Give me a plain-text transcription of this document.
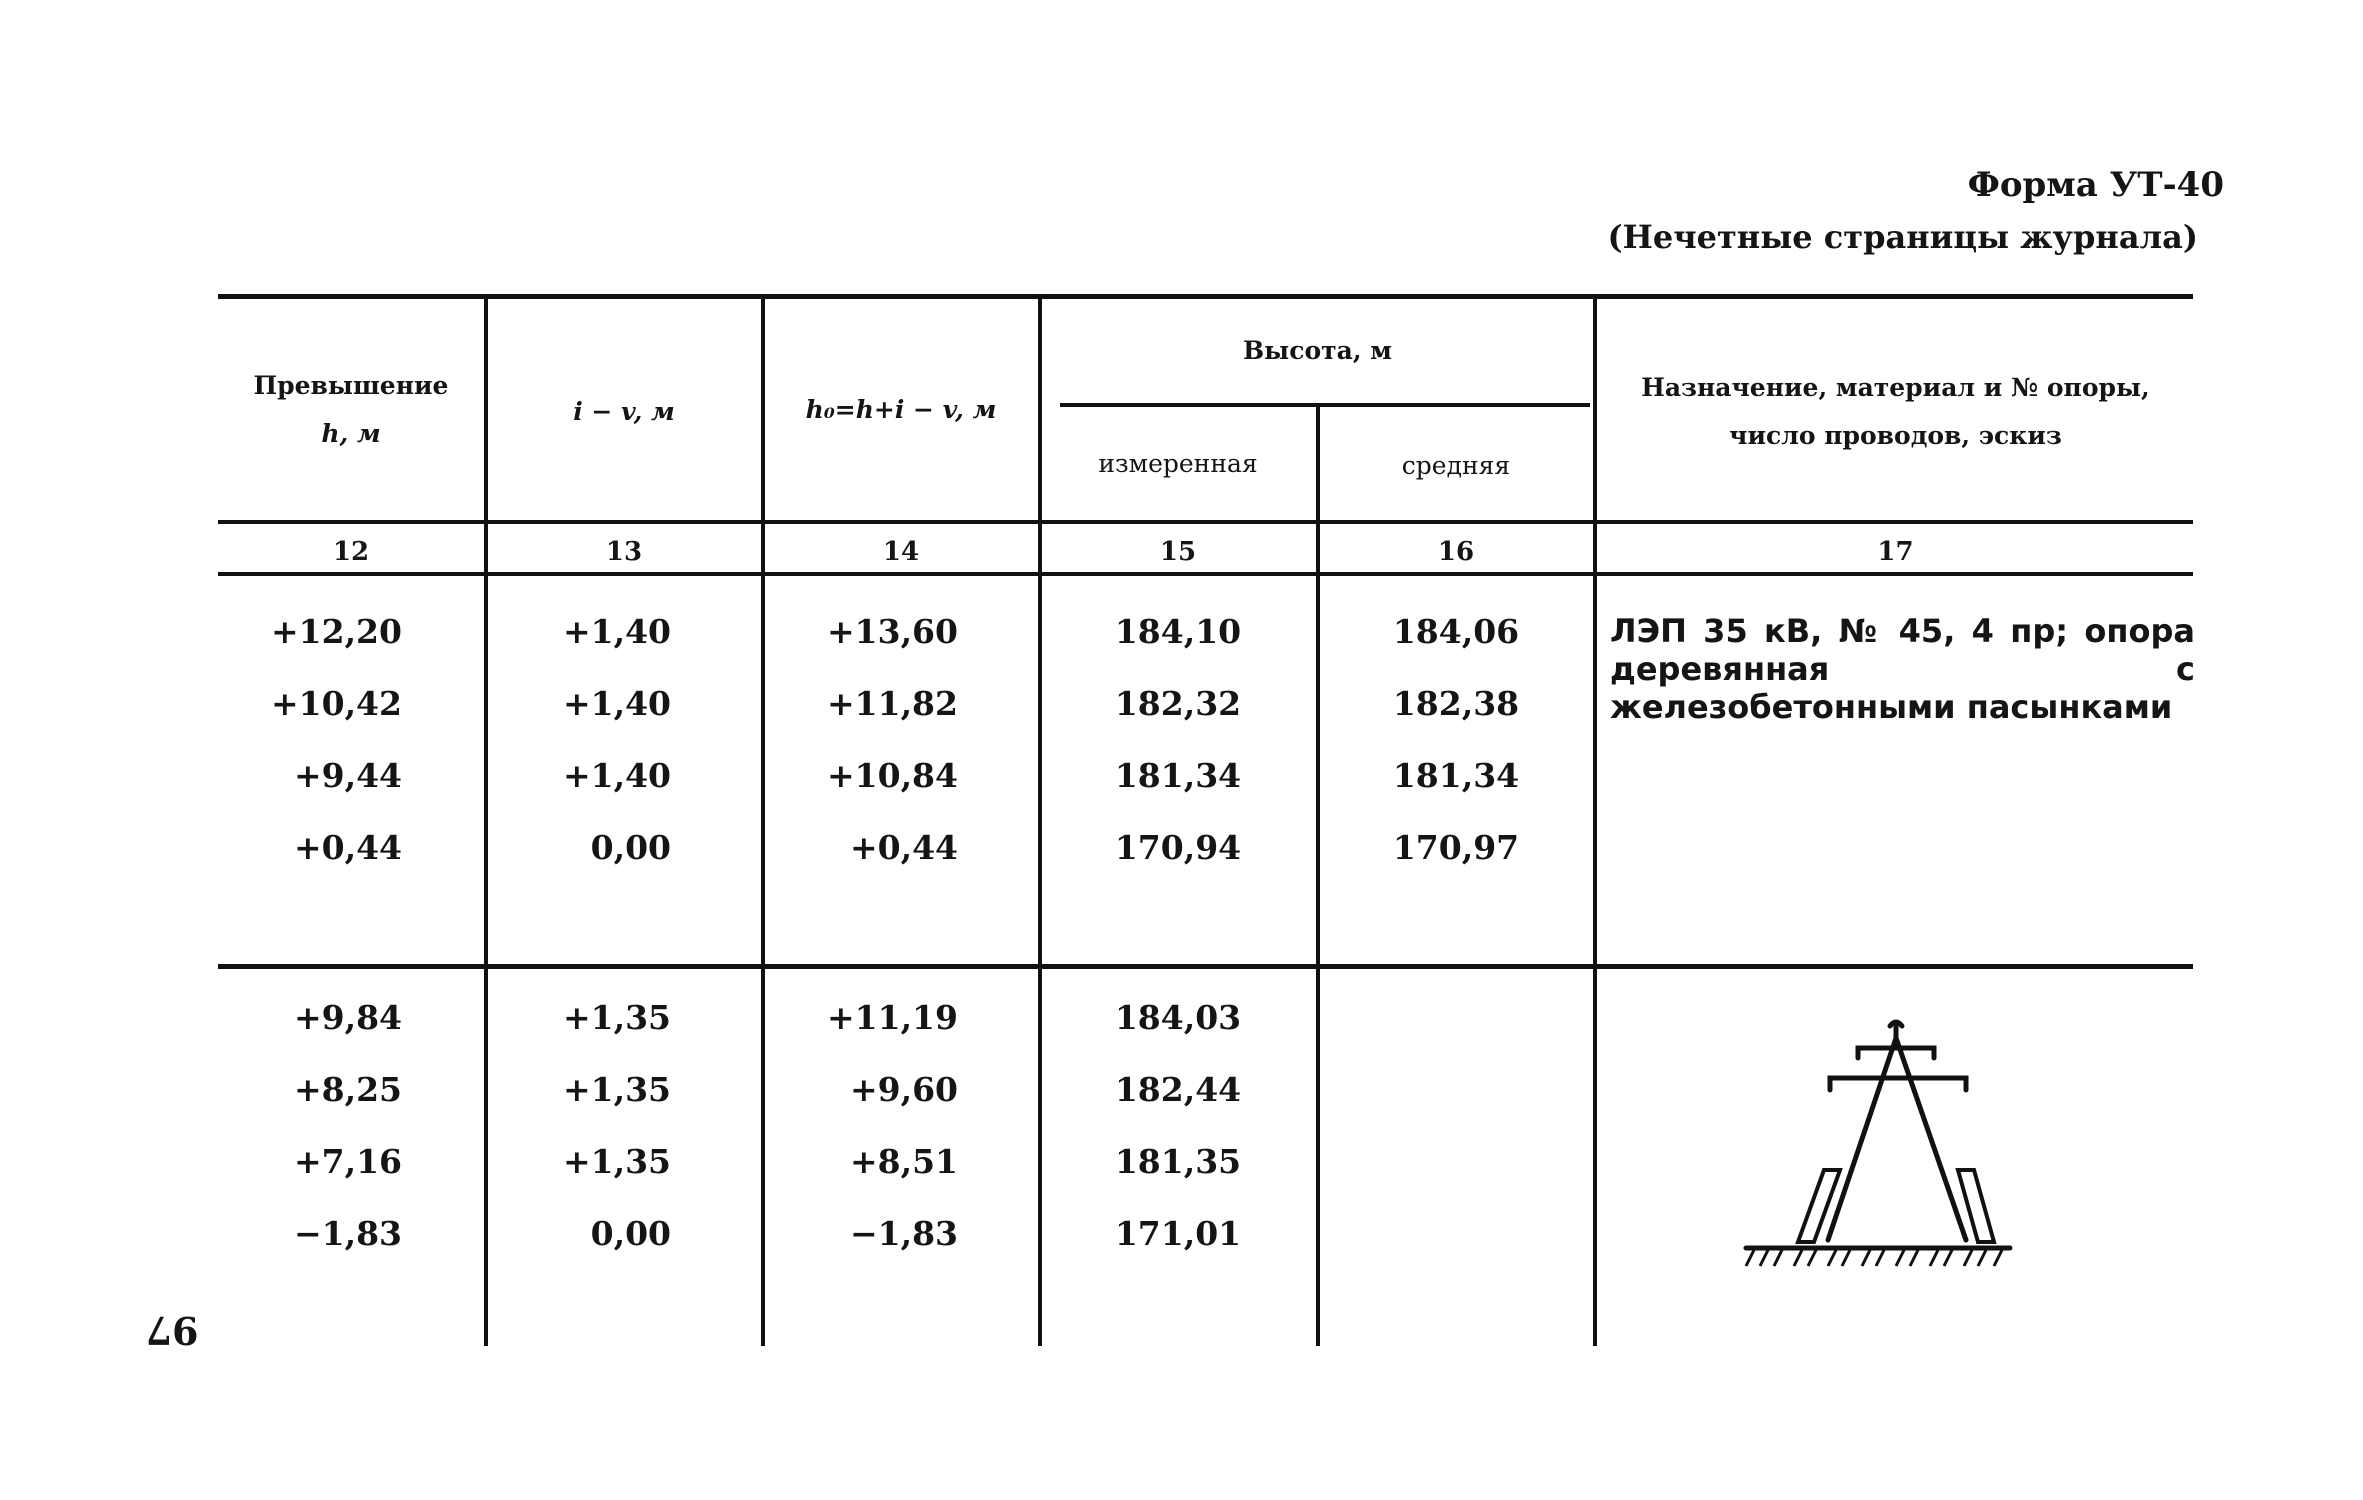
Форма УТ-40
(Нечетные страницы журнала)
97
Превышение
h, м
i − v, м	h₀=h+i − v, м
Высота, м
измеренная	средняя
Назначение, материал и № опоры,
число проводов, эскиз
12	13	14	15	16	17
+12,20	+1,40	+13,60	184,10	184,06
+10,42	+1,40	+11,82	182,32	182,38
+9,44	+1,40	+10,84	181,34	181,34
+0,44	0,00	+0,44	170,94	170,97
ЛЭП 35 кВ, № 45, 4 пр; опора деревянная с железобетонными пасынками
+9,84	+1,35	+11,19	184,03
+8,25	+1,35	+9,60	182,44
+7,16	+1,35	+8,51	181,35
−1,83	0,00	−1,83	171,01
